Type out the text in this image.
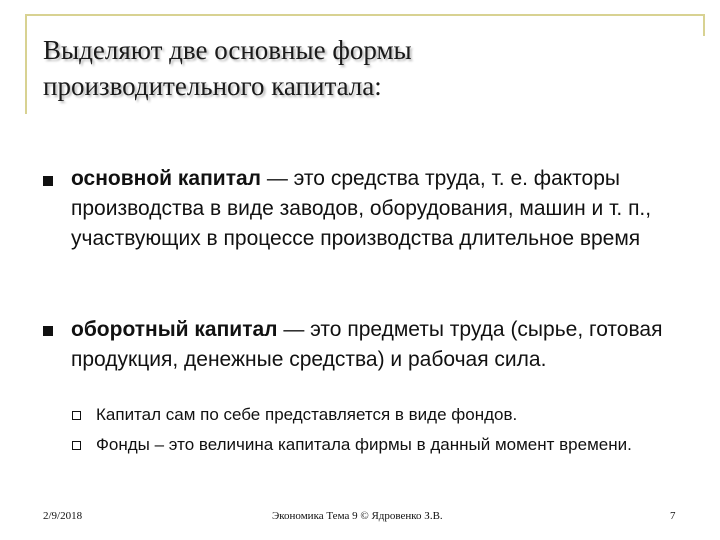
Выделяют две основные формы
производительного капитала:

основной капитал — это средства труда, т. е. факторы производства в виде заводов, оборудования, машин и т. п., участвующих в процессе производства длительное время

оборотный капитал — это предметы труда (сырье, готовая продукция, денежные средства) и рабочая сила.

Капитал сам по себе представляется в виде фондов.

Фонды – это величина капитала фирмы в данный момент времени.

2/9/2018	Экономика Тема 9 © Ядровенко З.В.	7
